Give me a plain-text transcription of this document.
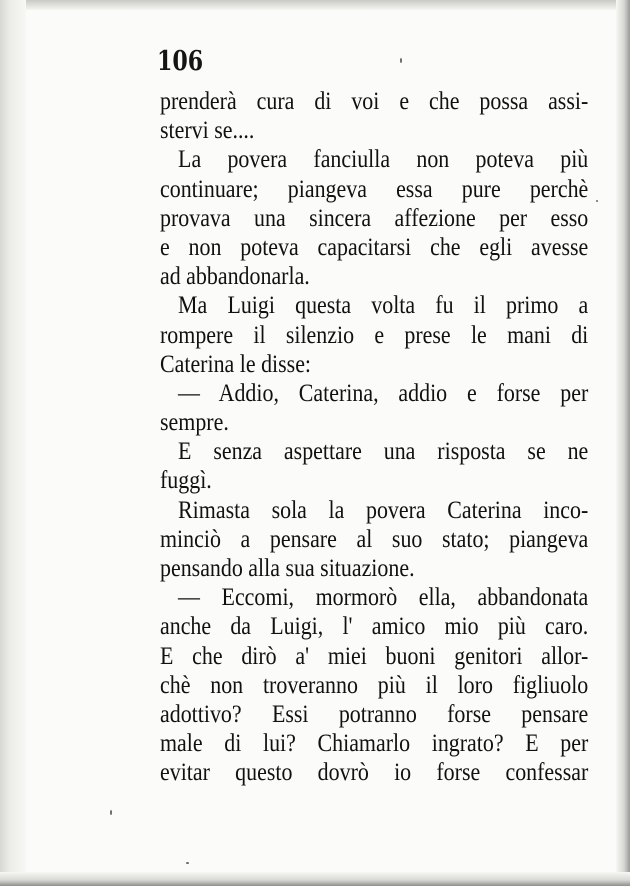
106
prenderà cura di voi e che possa assi-
stervi se....
La povera fanciulla non poteva più
continuare; piangeva essa pure perchè
provava una sincera affezione per esso
e non poteva capacitarsi che egli avesse
ad abbandonarla.
Ma Luigi questa volta fu il primo a
rompere il silenzio e prese le mani di
Caterina le disse:
— Addio, Caterina, addio e forse per
sempre.
E senza aspettare una risposta se ne
fuggì.
Rimasta sola la povera Caterina inco-
minciò a pensare al suo stato; piangeva
pensando alla sua situazione.
— Eccomi, mormorò ella, abbandonata
anche da Luigi, l' amico mio più caro.
E che dirò a' miei buoni genitori allor-
chè non troveranno più il loro figliuolo
adottivo? Essi potranno forse pensare
male di lui? Chiamarlo ingrato? E per
evitar questo dovrò io forse confessar
